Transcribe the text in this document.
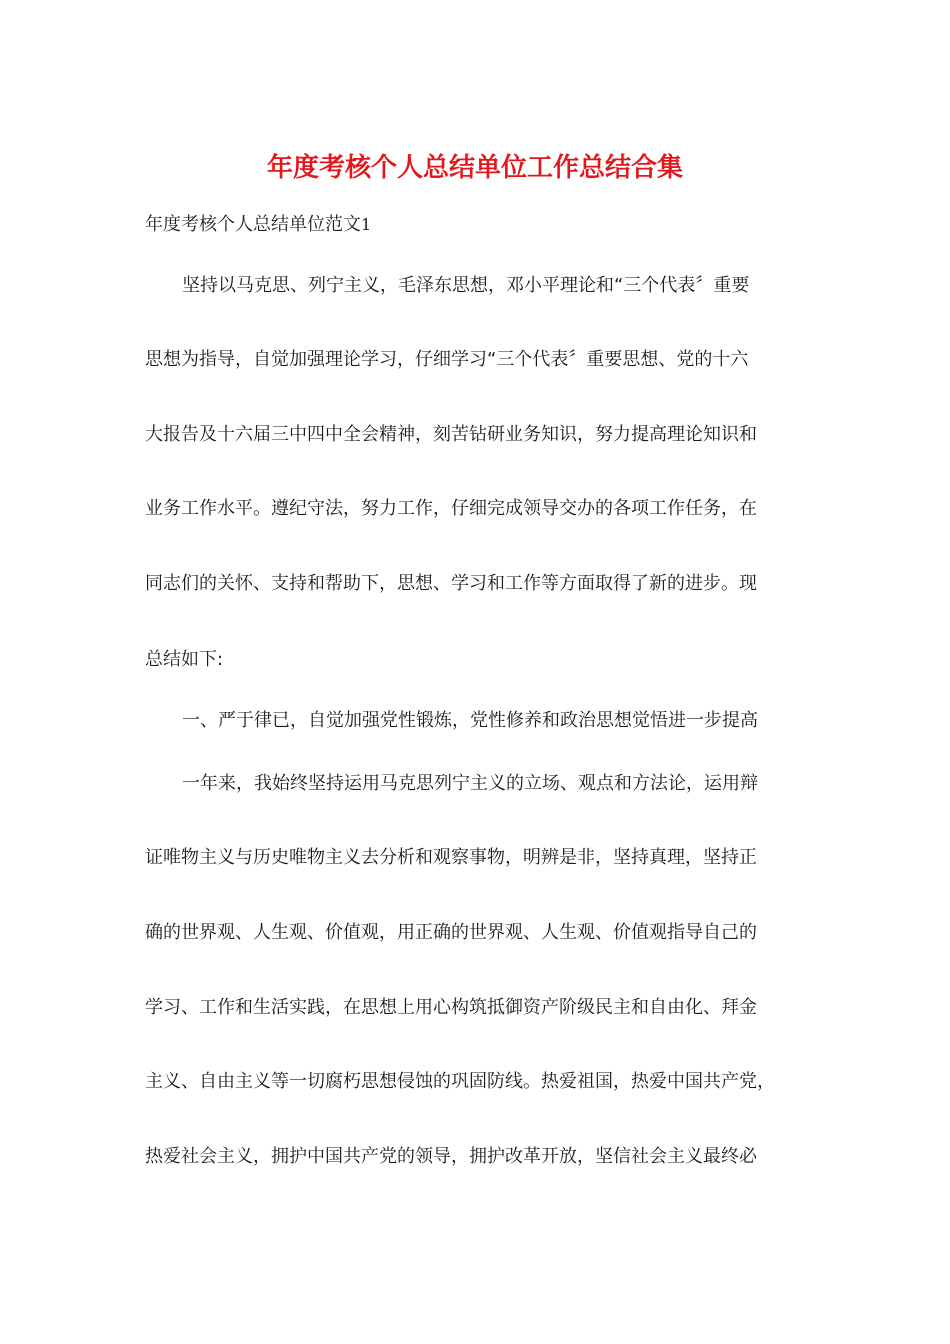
年度考核个人总结单位工作总结合集
年度考核个人总结单位范文1
坚持以马克思、列宁主义，毛泽东思想，邓小平理论和“三个代表〞重要
思想为指导，自觉加强理论学习，仔细学习“三个代表〞重要思想、党的十六
大报告及十六届三中四中全会精神，刻苦钻研业务知识，努力提高理论知识和
业务工作水平。遵纪守法，努力工作，仔细完成领导交办的各项工作任务，在
同志们的关怀、支持和帮助下，思想、学习和工作等方面取得了新的进步。现
总结如下:
一、严于律已，自觉加强党性锻炼，党性修养和政治思想觉悟进一步提高
一年来，我始终坚持运用马克思列宁主义的立场、观点和方法论，运用辩
证唯物主义与历史唯物主义去分析和观察事物，明辨是非，坚持真理，坚持正
确的世界观、人生观、价值观，用正确的世界观、人生观、价值观指导自己的
学习、工作和生活实践，在思想上用心构筑抵御资产阶级民主和自由化、拜金
主义、自由主义等一切腐朽思想侵蚀的巩固防线。热爱祖国，热爱中国共产党，
热爱社会主义，拥护中国共产党的领导，拥护改革开放，坚信社会主义最终必
